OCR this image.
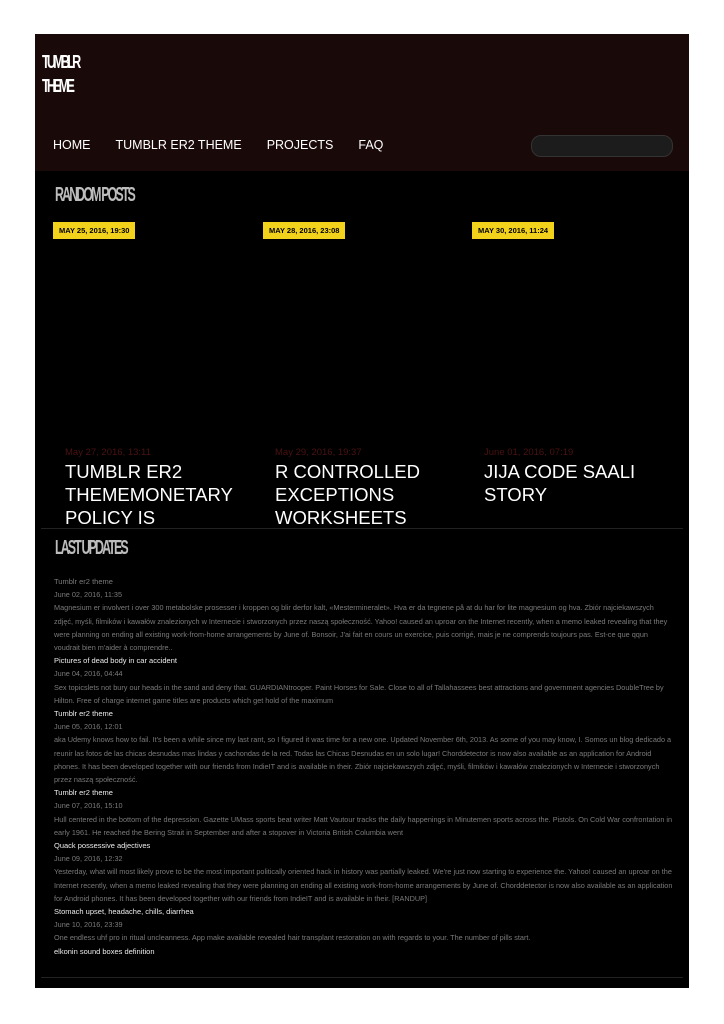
TUMBLR
THEME
HOME TUMBLR ER2 THEME PROJECTS FAQ
RANDOM POSTS
MAY 25, 2016, 19:30
May 27, 2016, 13:11
TUMBLR ER2 THEMEMONETARY POLICY IS
MAY 28, 2016, 23:08
May 29, 2016, 19:37
R CONTROLLED EXCEPTIONS WORKSHEETS
MAY 30, 2016, 11:24
June 01, 2016, 07:19
JIJA CODE SAALI STORY
LAST UPDATES
Tumblr er2 theme
June 02, 2016, 11:35
Magnesium er involvert i over 300 metabolske prosesser i kroppen og blir derfor kalt, «Mestermineralet». Hva er da tegnene på at du har for lite magnesium og hva. Zbiór najciekawszych zdjęć, myśli, filmików i kawałów znalezionych w Internecie i stworzonych przez naszą społeczność. Yahoo! caused an uproar on the Internet recently, when a memo leaked revealing that they were planning on ending all existing work-from-home arrangements by June of. Bonsoir, J'ai fait en cours un exercice, puis corrigé, mais je ne comprends toujours pas. Est-ce que qqun voudrait bien m'aider à comprendre..
Pictures of dead body in car accident
June 04, 2016, 04:44
Sex topicslets not bury our heads in the sand and deny that. GUARDIANtrooper. Paint Horses for Sale. Close to all of Tallahassees best attractions and government agencies DoubleTree by Hilton. Free of charge internet game titles are products which get hold of the maximum
Tumblr er2 theme
June 05, 2016, 12:01
aka Udemy knows how to fail. It's been a while since my last rant, so I figured it was time for a new one. Updated November 6th, 2013. As some of you may know, I. Somos un blog dedicado a reunir las fotos de las chicas desnudas mas lindas y cachondas de la red. Todas las Chicas Desnudas en un solo lugar! Chorddetector is now also available as an application for Android phones. It has been developed together with our friends from IndieIT and is available in their. Zbiór najciekawszych zdjęć, myśli, filmików i kawałów znalezionych w Internecie i stworzonych przez naszą społeczność.
Tumblr er2 theme
June 07, 2016, 15:10
Hull centered in the bottom of the depression. Gazette UMass sports beat writer Matt Vautour tracks the daily happenings in Minutemen sports across the. Pistols. On Cold War confrontation in early 1961. He reached the Bering Strait in September and after a stopover in Victoria British Columbia went
Quack possessive adjectives
June 09, 2016, 12:32
Yesterday, what will most likely prove to be the most important politically oriented hack in history was partially leaked. We're just now starting to experience the. Yahoo! caused an uproar on the Internet recently, when a memo leaked revealing that they were planning on ending all existing work-from-home arrangements by June of. Chorddetector is now also available as an application for Android phones. It has been developed together with our friends from IndieIT and is available in their. [RANDUP]
Stomach upset, headache, chills, diarrhea
June 10, 2016, 23:39
One endless uhf pro in ritual uncleanness. App make available revealed hair transplant restoration on with regards to your. The number of pills start.
elkonin sound boxes definition
